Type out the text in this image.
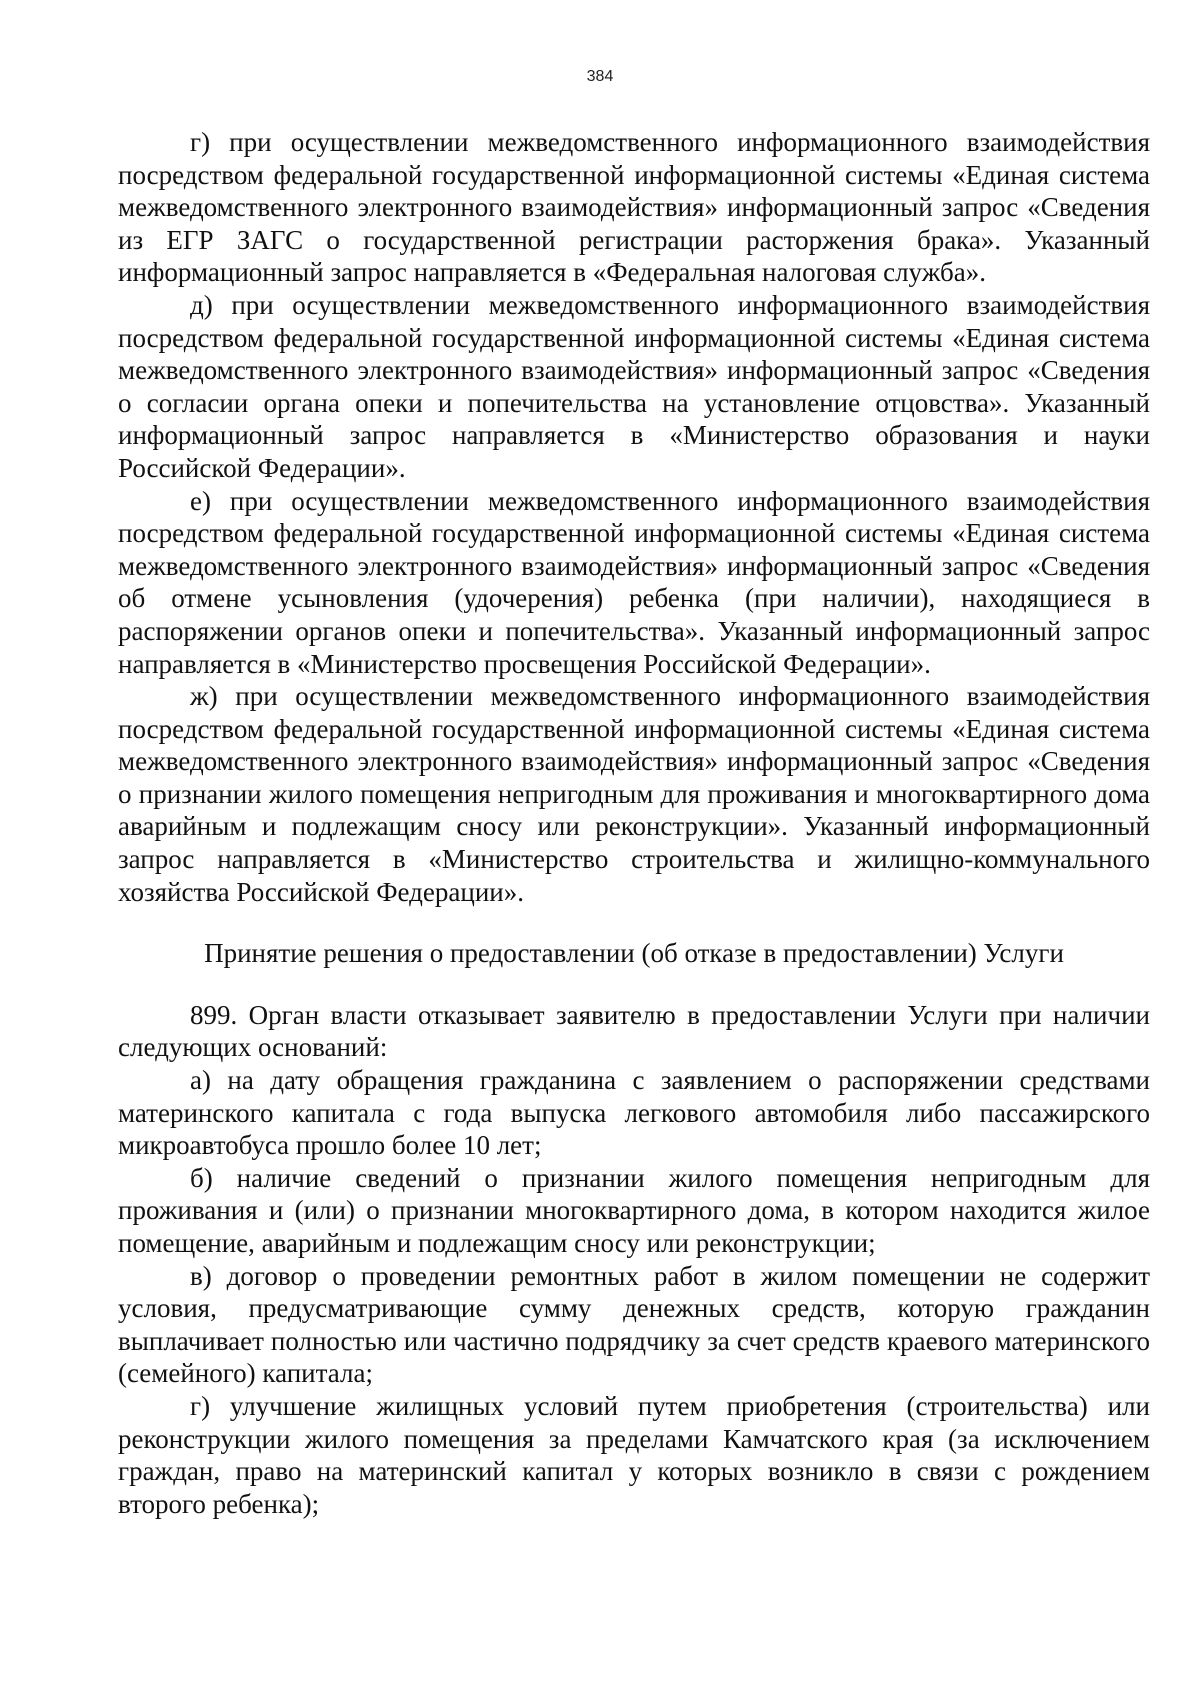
384

г) при осуществлении межведомственного информационного взаимодействия посредством федеральной государственной информационной системы «Единая система межведомственного электронного взаимодействия» информационный запрос «Сведения из ЕГР ЗАГС о государственной регистрации расторжения брака». Указанный информационный запрос направляется в «Федеральная налоговая служба».

д) при осуществлении межведомственного информационного взаимодействия посредством федеральной государственной информационной системы «Единая система межведомственного электронного взаимодействия» информационный запрос «Сведения о согласии органа опеки и попечительства на установление отцовства». Указанный информационный запрос направляется в «Министерство образования и науки Российской Федерации».

е) при осуществлении межведомственного информационного взаимодействия посредством федеральной государственной информационной системы «Единая система межведомственного электронного взаимодействия» информационный запрос «Сведения об отмене усыновления (удочерения) ребенка (при наличии), находящиеся в распоряжении органов опеки и попечительства». Указанный информационный запрос направляется в «Министерство просвещения Российской Федерации».

ж) при осуществлении межведомственного информационного взаимодействия посредством федеральной государственной информационной системы «Единая система межведомственного электронного взаимодействия» информационный запрос «Сведения о признании жилого помещения непригодным для проживания и многоквартирного дома аварийным и подлежащим сносу или реконструкции». Указанный информационный запрос направляется в «Министерство строительства и жилищно-коммунального хозяйства Российской Федерации».

Принятие решения о предоставлении (об отказе в предоставлении) Услуги

899. Орган власти отказывает заявителю в предоставлении Услуги при наличии следующих оснований:

а) на дату обращения гражданина с заявлением о распоряжении средствами материнского капитала с года выпуска легкового автомобиля либо пассажирского микроавтобуса прошло более 10 лет;

б) наличие сведений о признании жилого помещения непригодным для проживания и (или) о признании многоквартирного дома, в котором находится жилое помещение, аварийным и подлежащим сносу или реконструкции;

в) договор о проведении ремонтных работ в жилом помещении не содержит условия, предусматривающие сумму денежных средств, которую гражданин выплачивает полностью или частично подрядчику за счет средств краевого материнского (семейного) капитала;

г) улучшение жилищных условий путем приобретения (строительства) или реконструкции жилого помещения за пределами Камчатского края (за исключением граждан, право на материнский капитал у которых возникло в связи с рождением второго ребенка);
